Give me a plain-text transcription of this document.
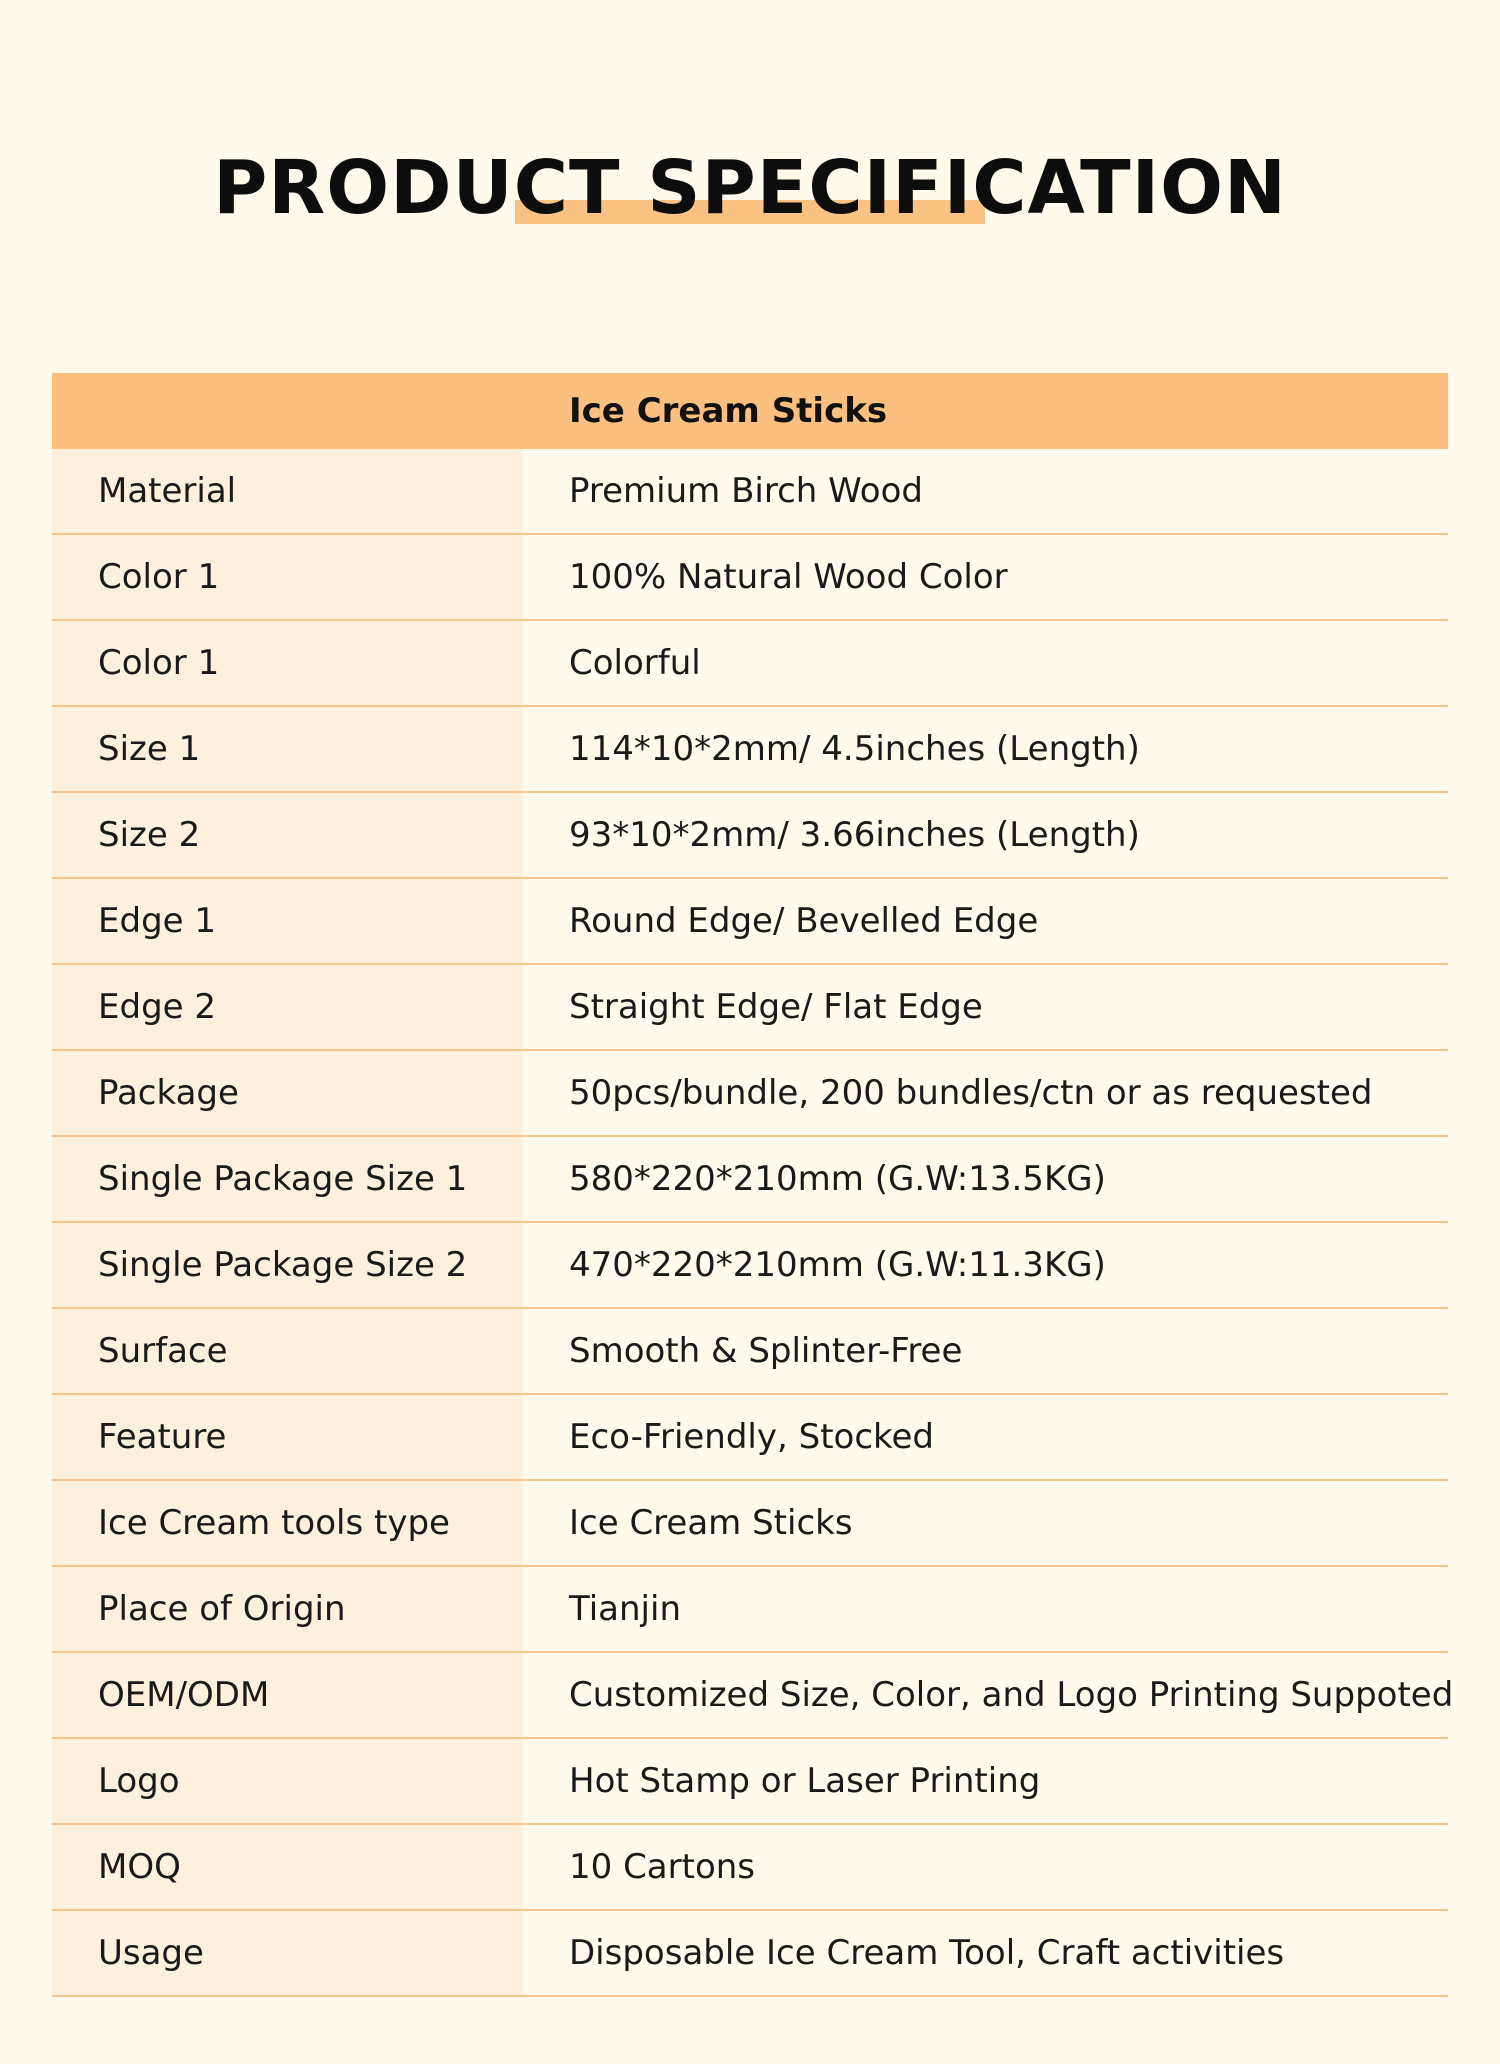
PRODUCT SPECIFICATION
	Ice Cream Sticks
Material	Premium Birch Wood
Color 1	100% Natural Wood Color
Color 1	Colorful
Size 1	114*10*2mm/ 4.5inches (Length)
Size 2	93*10*2mm/ 3.66inches (Length)
Edge 1	Round Edge/ Bevelled Edge
Edge 2	Straight Edge/ Flat Edge
Package	50pcs/bundle, 200 bundles/ctn or as requested
Single Package Size 1	580*220*210mm (G.W:13.5KG)
Single Package Size 2	470*220*210mm (G.W:11.3KG)
Surface	Smooth & Splinter-Free
Feature	Eco-Friendly, Stocked
Ice Cream tools type	Ice Cream Sticks
Place of Origin	Tianjin
OEM/ODM	Customized Size, Color, and Logo Printing Suppoted
Logo	Hot Stamp or Laser Printing
MOQ	10 Cartons
Usage	Disposable Ice Cream Tool, Craft activities
